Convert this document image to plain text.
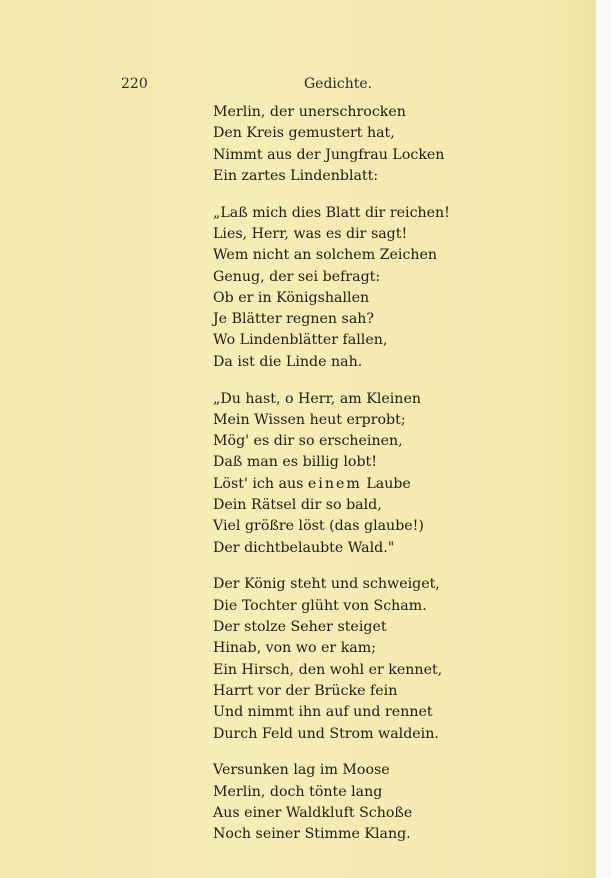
220	Gedichte.
Merlin, der unerschrocken
Den Kreis gemustert hat,
Nimmt aus der Jungfrau Locken
Ein zartes Lindenblatt:
„Laß mich dies Blatt dir reichen!
Lies, Herr, was es dir sagt!
Wem nicht an solchem Zeichen
Genug, der sei befragt:
Ob er in Königshallen
Je Blätter regnen sah?
Wo Lindenblätter fallen,
Da ist die Linde nah.
„Du hast, o Herr, am Kleinen
Mein Wissen heut erprobt;
Mög' es dir so erscheinen,
Daß man es billig lobt!
Löst' ich aus einem Laube
Dein Rätsel dir so bald,
Viel größre löst (das glaube!)
Der dichtbelaubte Wald."
Der König steht und schweiget,
Die Tochter glüht von Scham.
Der stolze Seher steiget
Hinab, von wo er kam;
Ein Hirsch, den wohl er kennet,
Harrt vor der Brücke fein
Und nimmt ihn auf und rennet
Durch Feld und Strom waldein.
Versunken lag im Moose
Merlin, doch tönte lang
Aus einer Waldkluft Schoße
Noch seiner Stimme Klang.
